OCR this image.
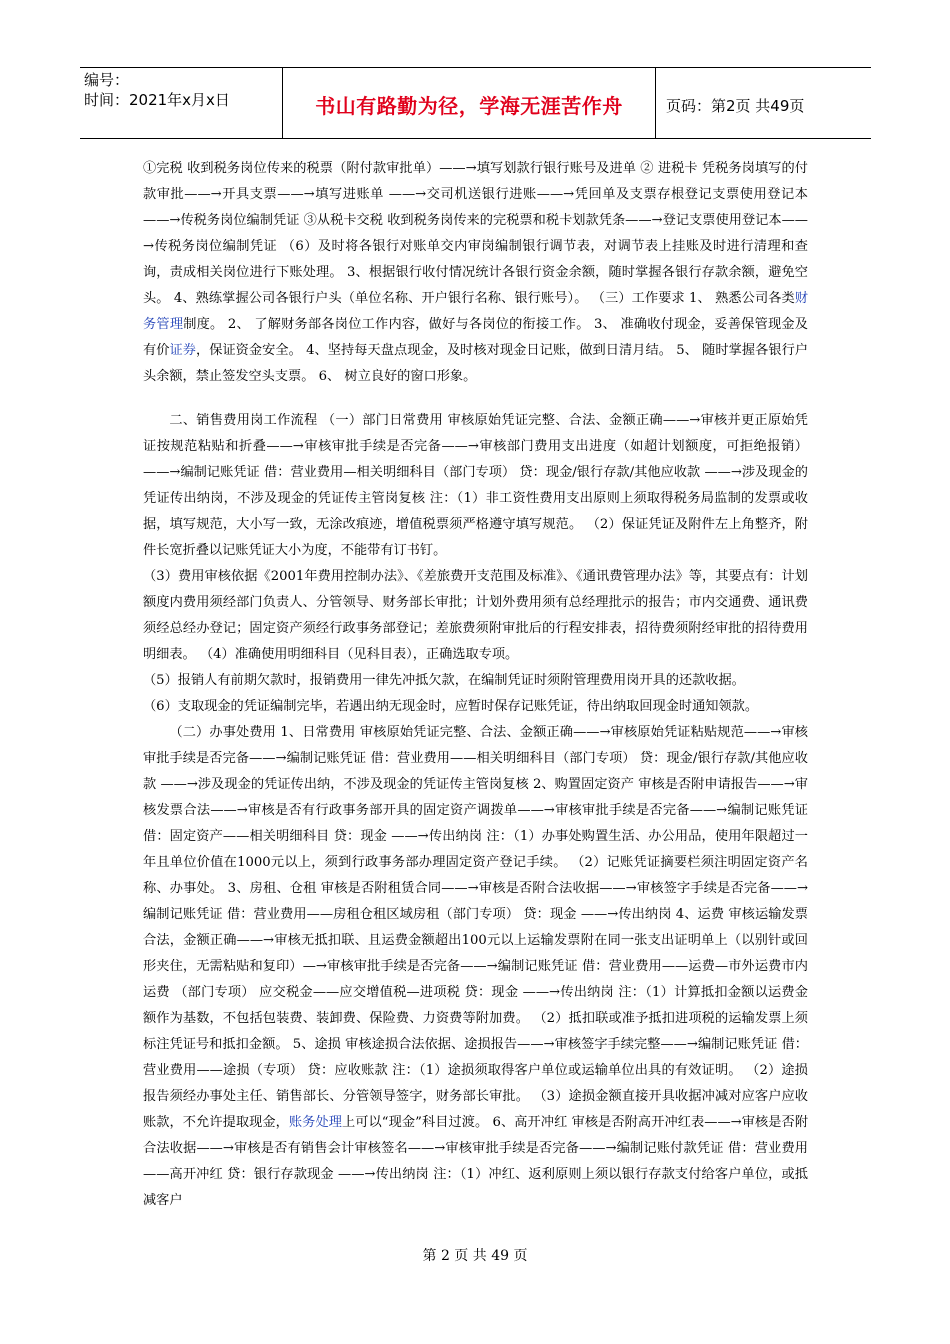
编号：
时间：2021年x月x日	书山有路勤为径，学海无涯苦作舟	页码：第2页 共49页

①完税 收到税务岗位传来的税票（附付款审批单）——→填写划款行银行账号及进单 ② 进税卡 凭税务岗填写的付款审批——→开具支票——→填写进账单 ——→交司机送银行进账——→凭回单及支票存根登记支票使用登记本——→传税务岗位编制凭证 ③从税卡交税 收到税务岗传来的完税票和税卡划款凭条——→登记支票使用登记本——→传税务岗位编制凭证 （6）及时将各银行对账单交内审岗编制银行调节表，对调节表上挂账及时进行清理和查询，责成相关岗位进行下账处理。 3、根据银行收付情况统计各银行资金余额，随时掌握各银行存款余额，避免空头。 4、熟练掌握公司各银行户头（单位名称、开户银行名称、银行账号）。 （三）工作要求 1、 熟悉公司各类财务管理制度。 2、 了解财务部各岗位工作内容，做好与各岗位的衔接工作。 3、 准确收付现金，妥善保管现金及有价证券，保证资金安全。 4、坚持每天盘点现金，及时核对现金日记账，做到日清月结。 5、 随时掌握各银行户头余额，禁止签发空头支票。 6、 树立良好的窗口形象。

二、销售费用岗工作流程 （一）部门日常费用 审核原始凭证完整、合法、金额正确——→审核并更正原始凭证按规范粘贴和折叠——→审核审批手续是否完备——→审核部门费用支出进度（如超计划额度，可拒绝报销）——→编制记账凭证 借：营业费用—相关明细科目（部门专项） 贷：现金/银行存款/其他应收款 ——→涉及现金的凭证传出纳岗，不涉及现金的凭证传主管岗复核 注：（1）非工资性费用支出原则上须取得税务局监制的发票或收据，填写规范，大小写一致，无涂改痕迹，增值税票须严格遵守填写规范。 （2）保证凭证及附件左上角整齐，附件长宽折叠以记账凭证大小为度，不能带有订书钉。

（3）费用审核依据《2001年费用控制办法》、《差旅费开支范围及标准》、《通讯费管理办法》等，其要点有：计划额度内费用须经部门负责人、分管领导、财务部长审批；计划外费用须有总经理批示的报告；市内交通费、通讯费须经总经办登记；固定资产须经行政事务部登记；差旅费须附审批后的行程安排表，招待费须附经审批的招待费用明细表。 （4）准确使用明细科目（见科目表），正确选取专项。

（5）报销人有前期欠款时，报销费用一律先冲抵欠款，在编制凭证时须附管理费用岗开具的还款收据。

（6）支取现金的凭证编制完毕，若遇出纳无现金时，应暂时保存记账凭证，待出纳取回现金时通知领款。

（二）办事处费用 1、日常费用 审核原始凭证完整、合法、金额正确——→审核原始凭证粘贴规范——→审核审批手续是否完备——→编制记账凭证 借：营业费用——相关明细科目（部门专项） 贷：现金/银行存款/其他应收款 ——→涉及现金的凭证传出纳，不涉及现金的凭证传主管岗复核 2、购置固定资产 审核是否附申请报告——→审核发票合法——→审核是否有行政事务部开具的固定资产调拨单——→审核审批手续是否完备——→编制记账凭证 借：固定资产——相关明细科目 贷：现金 ——→传出纳岗 注：（1）办事处购置生活、办公用品，使用年限超过一年且单位价值在1000元以上，须到行政事务部办理固定资产登记手续。 （2）记账凭证摘要栏须注明固定资产名称、办事处。 3、房租、仓租 审核是否附租赁合同——→审核是否附合法收据——→审核签字手续是否完备——→编制记账凭证 借：营业费用——房租仓租区域房租（部门专项） 贷：现金 ——→传出纳岗 4、运费 审核运输发票合法，金额正确——→审核无抵扣联、且运费金额超出100元以上运输发票附在同一张支出证明单上（以别针或回形夹住，无需粘贴和复印）—→审核审批手续是否完备——→编制记账凭证 借：营业费用——运费—市外运费市内运费 （部门专项） 应交税金——应交增值税—进项税 贷：现金 ——→传出纳岗 注：（1）计算抵扣金额以运费金额作为基数，不包括包装费、装卸费、保险费、力资费等附加费。 （2）抵扣联或准予抵扣进项税的运输发票上须标注凭证号和抵扣金额。 5、途损 审核途损合法依据、途损报告——→审核签字手续完整——→编制记账凭证 借：营业费用——途损（专项） 贷：应收账款 注：（1）途损须取得客户单位或运输单位出具的有效证明。 （2）途损报告须经办事处主任、销售部长、分管领导签字，财务部长审批。 （3）途损金额直接开具收据冲减对应客户应收账款，不允许提取现金，账务处理上可以“现金”科目过渡。 6、高开冲红 审核是否附高开冲红表——→审核是否附合法收据——→审核是否有销售会计审核签名——→审核审批手续是否完备——→编制记账付款凭证 借：营业费用——高开冲红 贷：银行存款现金 ——→传出纳岗 注：（1）冲红、返利原则上须以银行存款支付给客户单位，或抵减客户

第 2 页 共 49 页
